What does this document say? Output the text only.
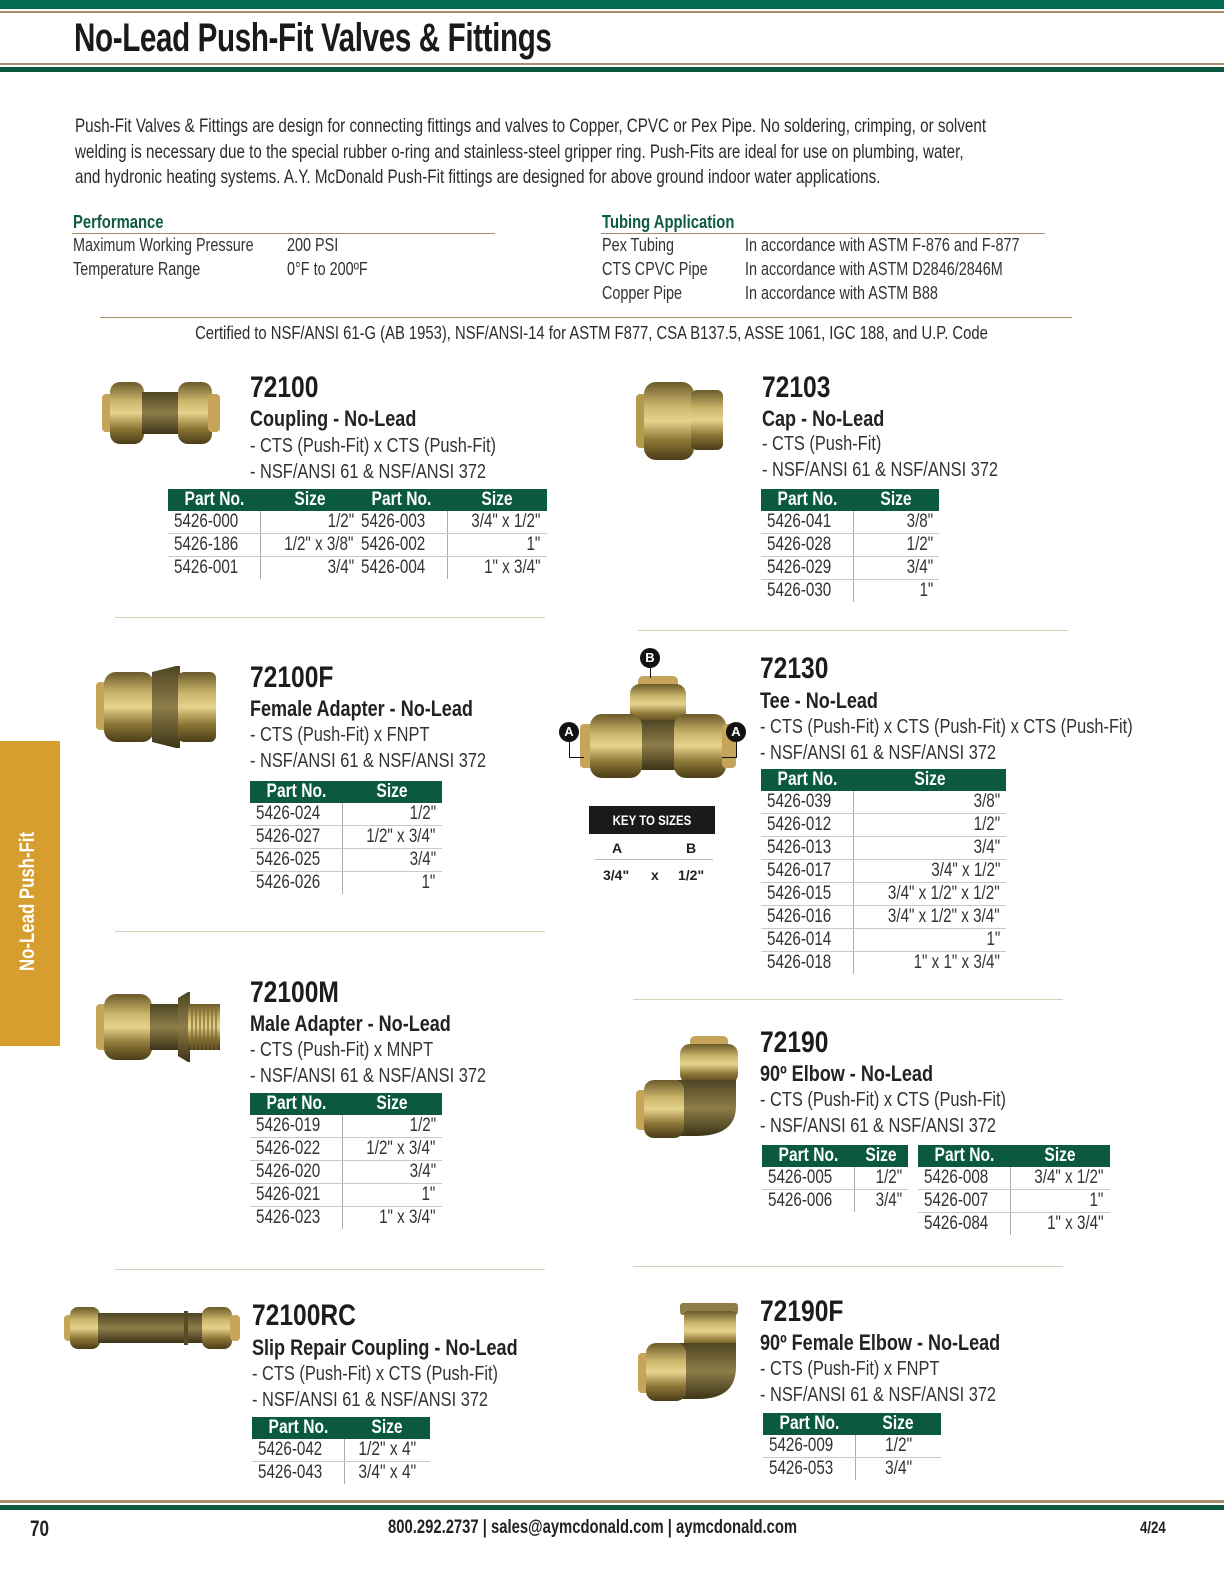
No-Lead Push-Fit Valves & Fittings
Push-Fit Valves & Fittings are design for connecting fittings and valves to Copper, CPVC or Pex Pipe. No soldering, crimping, or solvent
welding is necessary due to the special rubber o-ring and stainless-steel gripper ring. Push-Fits are ideal for use on plumbing, water,
and hydronic heating systems. A.Y. McDonald Push-Fit fittings are designed for above ground indoor water applications.
Performance
Maximum Working Pressure	200 PSI
Temperature Range	0°F to 200ºF
Tubing Application
Pex Tubing	In accordance with ASTM F-876 and F-877
CTS CPVC Pipe	In accordance with ASTM D2846/2846M
Copper Pipe	In accordance with ASTM B88
Certified to NSF/ANSI 61-G (AB 1953), NSF/ANSI-14 for ASTM F877, CSA B137.5, ASSE 1061, IGC 188, and U.P. Code
B
A	A
KEY TO SIZES
A	B
3/4" x 1/2"
72100
Coupling - No-Lead
- CTS (Push-Fit) x CTS (Push-Fit)
- NSF/ANSI 61 & NSF/ANSI 372
Part No.	Size
5426-000	1/2"
5426-186	1/2" x 3/8"
5426-001	3/4"
Part No.	Size
5426-003	3/4" x 1/2"
5426-002	1"
5426-004	1" x 3/4"
72103
Cap - No-Lead
- CTS (Push-Fit)
- NSF/ANSI 61 & NSF/ANSI 372
Part No.	Size
5426-041	3/8"
5426-028	1/2"
5426-029	3/4"
5426-030	1"
72100F
Female Adapter - No-Lead
- CTS (Push-Fit) x FNPT
- NSF/ANSI 61 & NSF/ANSI 372
Part No.	Size
5426-024	1/2"
5426-027	1/2" x 3/4"
5426-025	3/4"
5426-026	1"
72130
Tee - No-Lead
- CTS (Push-Fit) x CTS (Push-Fit) x CTS (Push-Fit)
- NSF/ANSI 61 & NSF/ANSI 372
Part No.	Size
5426-039	3/8"
5426-012	1/2"
5426-013	3/4"
5426-017	3/4" x 1/2"
5426-015	3/4" x 1/2" x 1/2"
5426-016	3/4" x 1/2" x 3/4"
5426-014	1"
5426-018	1" x 1" x 3/4"
72100M
Male Adapter - No-Lead
- CTS (Push-Fit) x MNPT
- NSF/ANSI 61 & NSF/ANSI 372
Part No.	Size
5426-019	1/2"
5426-022	1/2" x 3/4"
5426-020	3/4"
5426-021	1"
5426-023	1" x 3/4"
72190
90º Elbow - No-Lead
- CTS (Push-Fit) x CTS (Push-Fit)
- NSF/ANSI 61 & NSF/ANSI 372
Part No.	Size
5426-005	1/2"
5426-006	3/4"
Part No.	Size
5426-008	3/4" x 1/2"
5426-007	1"
5426-084	1" x 3/4"
72100RC
Slip Repair Coupling - No-Lead
- CTS (Push-Fit) x CTS (Push-Fit)
- NSF/ANSI 61 & NSF/ANSI 372
Part No.	Size
5426-042	1/2" x 4"
5426-043	3/4" x 4"
72190F
90º Female Elbow - No-Lead
- CTS (Push-Fit) x FNPT
- NSF/ANSI 61 & NSF/ANSI 372
Part No.	Size
5426-009	1/2"
5426-053	3/4"
No-Lead Push-Fit
70	800.292.2737 | sales@aymcdonald.com | aymcdonald.com	4/24
